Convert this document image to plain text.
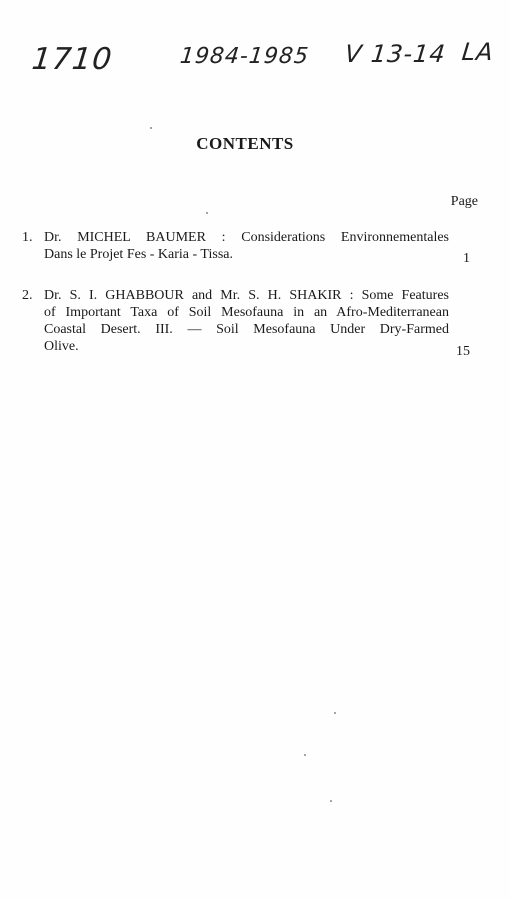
1710	1984-1985 V 13-14 LA
CONTENTS
Page
1. Dr. MICHEL BAUMER : Considerations Environnementales
Dans le Projet Fes - Karia - Tissa.	1
2. Dr. S. I. GHABBOUR and Mr. S. H. SHAKIR : Some Features
of Important Taxa of Soil Mesofauna in an Afro-Mediterranean
Coastal Desert. III. — Soil Mesofauna Under Dry-Farmed
Olive.	15
